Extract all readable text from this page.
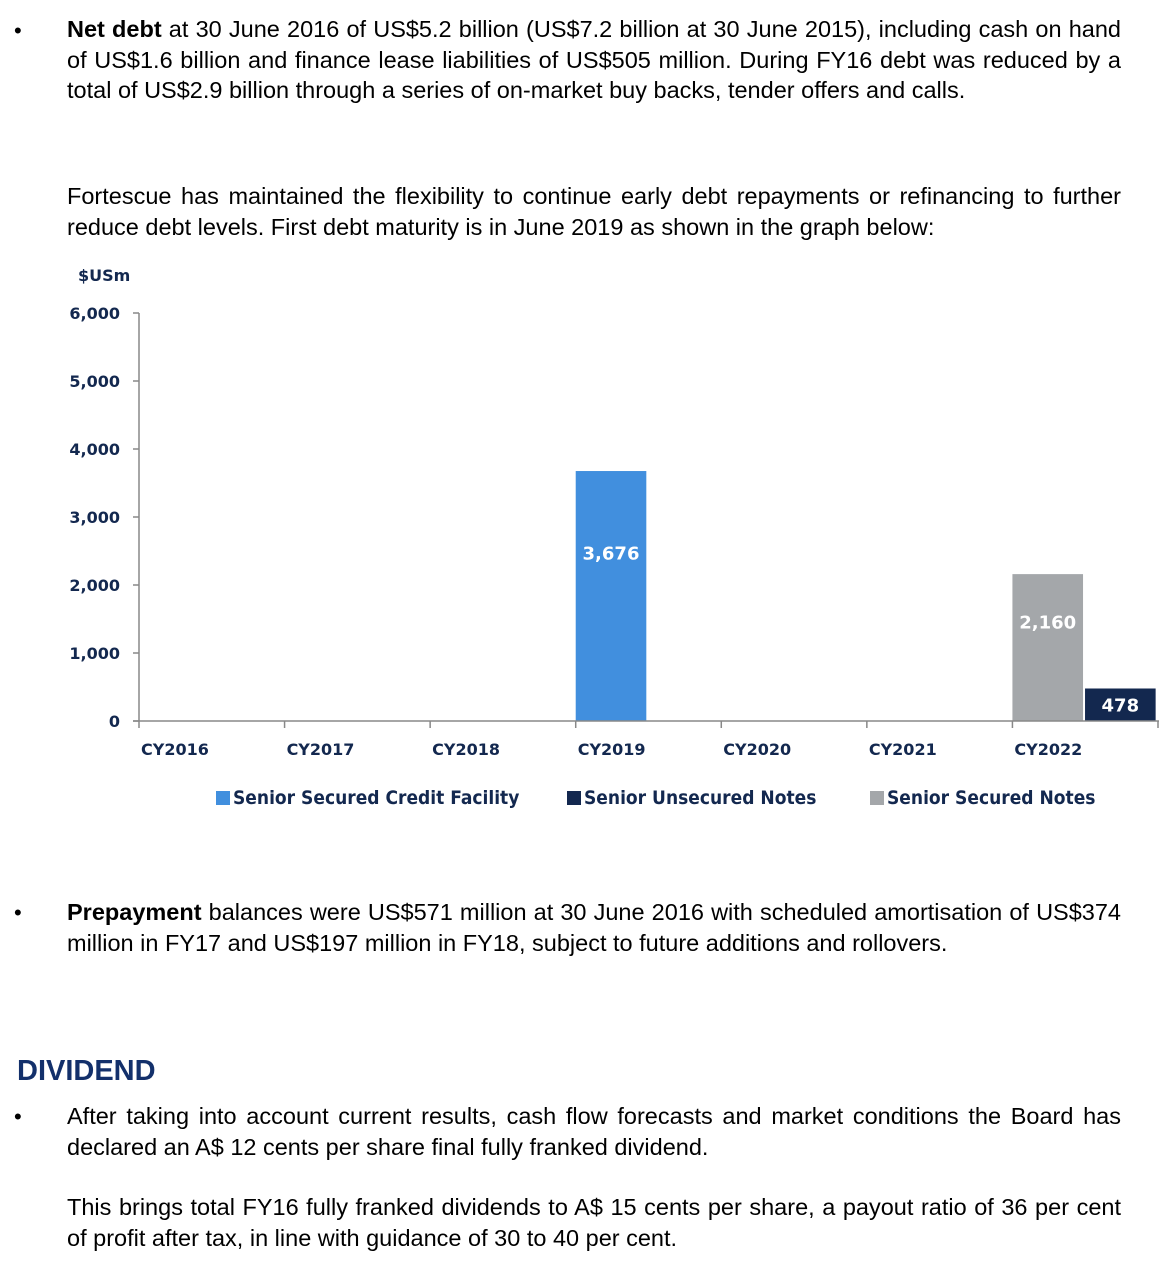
• Net debt at 30 June 2016 of US$5.2 billion (US$7.2 billion at 30 June 2015), including cash on hand of US$1.6 billion and finance lease liabilities of US$505 million. During FY16 debt was reduced by a total of US$2.9 billion through a series of on-market buy backs, tender offers and calls.
Fortescue has maintained the flexibility to continue early debt repayments or refinancing to further reduce debt levels. First debt maturity is in June 2019 as shown in the graph below:
$USm
0
1,000
2,000
3,000
4,000
5,000
6,000
3,676
2,160
478
CY2016	CY2017	CY2018	CY2019	CY2020	CY2021	CY2022
Senior Secured Credit Facility	Senior Unsecured Notes	Senior Secured Notes
• Prepayment balances were US$571 million at 30 June 2016 with scheduled amortisation of US$374 million in FY17 and US$197 million in FY18, subject to future additions and rollovers.
DIVIDEND
• After taking into account current results, cash flow forecasts and market conditions the Board has declared an A$ 12 cents per share final fully franked dividend.
This brings total FY16 fully franked dividends to A$ 15 cents per share, a payout ratio of 36 per cent of profit after tax, in line with guidance of 30 to 40 per cent.
